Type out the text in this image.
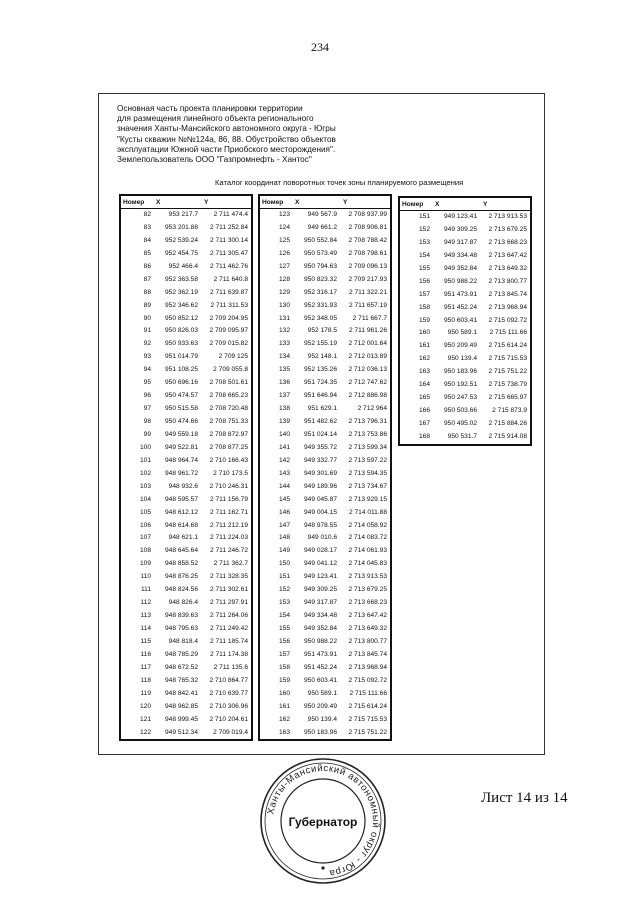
234
Основная часть проекта планировки территории
для размещения линейного объекта регионального
значения Ханты-Мансийского автономного округа - Югры
"Кусты скважин №№124а, 86, 88. Обустройство объектов
эксплуатации Южной части Приобского месторождения".
Землепользователь ООО "Газпромнефть - Хантос"
Каталог координат поворотных точек зоны планируемого размещения
Номер	X	Y
82	953 217.7	2 711 474.4
83	953 201.88	2 711 252.84
84	952 539.24	2 711 300.14
85	952 454.75	2 711 305.47
86	952 466.4	2 711 462.76
87	952 363.58	2 711 640.8
88	952 362.19	2 711 639.87
89	952 346.62	2 711 311.53
90	950 852.12	2 709 204.95
91	950 826.03	2 709 095.97
92	950 933.63	2 709 015.82
93	951 014.79	2 709 125
94	951 108.25	2 709 055.8
95	950 696.16	2 708 501.61
96	950 474.57	2 708 665.23
97	950 515.58	2 708 720.48
98	950 474.66	2 708 751.33
99	949 559.18	2 708 872.97
100	949 522.81	2 708 877.25
101	948 964.74	2 710 166.43
102	948 961.72	2 710 173.5
103	948 932.6	2 710 246.31
104	948 595.57	2 711 156.79
105	948 612.12	2 711 162.71
106	948 614.68	2 711 212.19
107	948 621.1	2 711 224.03
108	948 645.64	2 711 246.72
109	948 858.52	2 711 362.7
110	948 876.25	2 711 328.35
111	948 824.56	2 711 302.61
112	948 826.4	2 711 297.91
113	948 839.63	2 711 264.06
114	948 795.63	2 711 249.42
115	948 818.4	2 711 185.74
116	948 785.29	2 711 174.38
117	948 672.52	2 711 135.6
118	948 765.32	2 710 864.77
119	948 842.41	2 710 639.77
120	948 962.85	2 710 306.96
121	948 999.45	2 710 204.61
122	949 512.34	2 709 019.4
Номер	X	Y
123	949 567.9	2 708 937.99
124	949 661.2	2 708 906.81
125	950 552.84	2 708 788.42
126	950 573.49	2 708 798.61
127	950 794.63	2 709 096.13
128	950 823.32	2 709 217.93
129	952 316.17	2 711 322.21
130	952 331.93	2 711 657.19
131	952 348.05	2 711 667.7
132	952 178.5	2 711 961.26
133	952 155.19	2 712 001.64
134	952 148.1	2 712 013.89
135	952 135.26	2 712 036.13
136	951 724.35	2 712 747.62
137	951 646.94	2 712 886.98
138	951 629.1	2 712 964
139	951 482.62	2 713 796.31
140	951 024.14	2 713 753.86
141	949 355.72	2 713 599.34
142	949 332.77	2 713 597.22
143	949 301.69	2 713 594.35
144	949 189.96	2 713 734.67
145	949 045.87	2 713 929.15
146	949 004.15	2 714 011.88
147	948 978.55	2 714 058.92
148	949 010.6	2 714 083.72
149	949 028.17	2 714 061.93
150	949 041.12	2 714 045.83
151	949 123.41	2 713 913.53
152	949 309.25	2 713 679.25
153	949 317.87	2 713 668.23
154	949 334.48	2 713 647.42
155	949 352.84	2 713 649.32
156	950 988.22	2 713 800.77
157	951 473.91	2 713 845.74
158	951 452.24	2 713 968.94
159	950 603.41	2 715 092.72
160	950 589.1	2 715 111.66
161	950 209.49	2 715 614.24
162	950 139.4	2 715 715.53
163	950 183.96	2 715 751.22
Номер	X	Y
151	949 123.41	2 713 913.53
152	949 309.25	2 713 679.25
153	949 317.87	2 713 668.23
154	949 334.48	2 713 647.42
155	949 352.84	2 713 649.32
156	950 988.22	2 713 800.77
157	951 473.91	2 713 845.74
158	951 452.24	2 713 968.94
159	950 603.41	2 715 092.72
160	950 589.1	2 715 111.66
161	950 209.49	2 715 614.24
162	950 139.4	2 715 715.53
163	950 183.96	2 715 751.22
164	950 192.51	2 715 738.79
165	950 247.53	2 715 665.97
166	950 503.66	2 715 873.9
167	950 495.02	2 715 884.26
168	950 531.7	2 715 914.08
Ханты-Мансийский автономный округ - Югра
Губернатор
Лист 14 из 14
